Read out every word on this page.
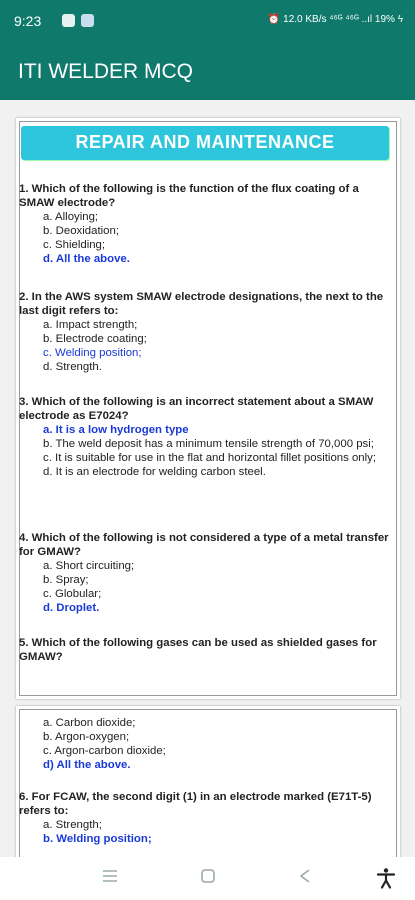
9:23	⏰ 12.0 KB/s ⁴⁶ᴳ ⁴⁶ᴳ ..ıl 19% ϟ
ITI WELDER MCQ
REPAIR AND MAINTENANCE
1. Which of the following is the function of the flux coating of a SMAW electrode?
a. Alloying;
b. Deoxidation;
c. Shielding;
d. All the above.
2. In the AWS system SMAW electrode designations, the next to the last digit refers to:
a. Impact strength;
b. Electrode coating;
c. Welding position;
d. Strength.
3. Which of the following is an incorrect statement about a SMAW electrode as E7024?
a. It is a low hydrogen type
b. The weld deposit has a minimum tensile strength of 70,000 psi;
c. It is suitable for use in the flat and horizontal fillet positions only;
d. It is an electrode for welding carbon steel.
4. Which of the following is not considered a type of a metal transfer for GMAW?
a. Short circuiting;
b. Spray;
c. Globular;
d. Droplet.
5. Which of the following gases can be used as shielded gases for GMAW?
a. Carbon dioxide;
b. Argon-oxygen;
c. Argon-carbon dioxide;
d) All the above.
6. For FCAW, the second digit (1) in an electrode marked (E71T-5) refers to:
a. Strength;
b. Welding position;
